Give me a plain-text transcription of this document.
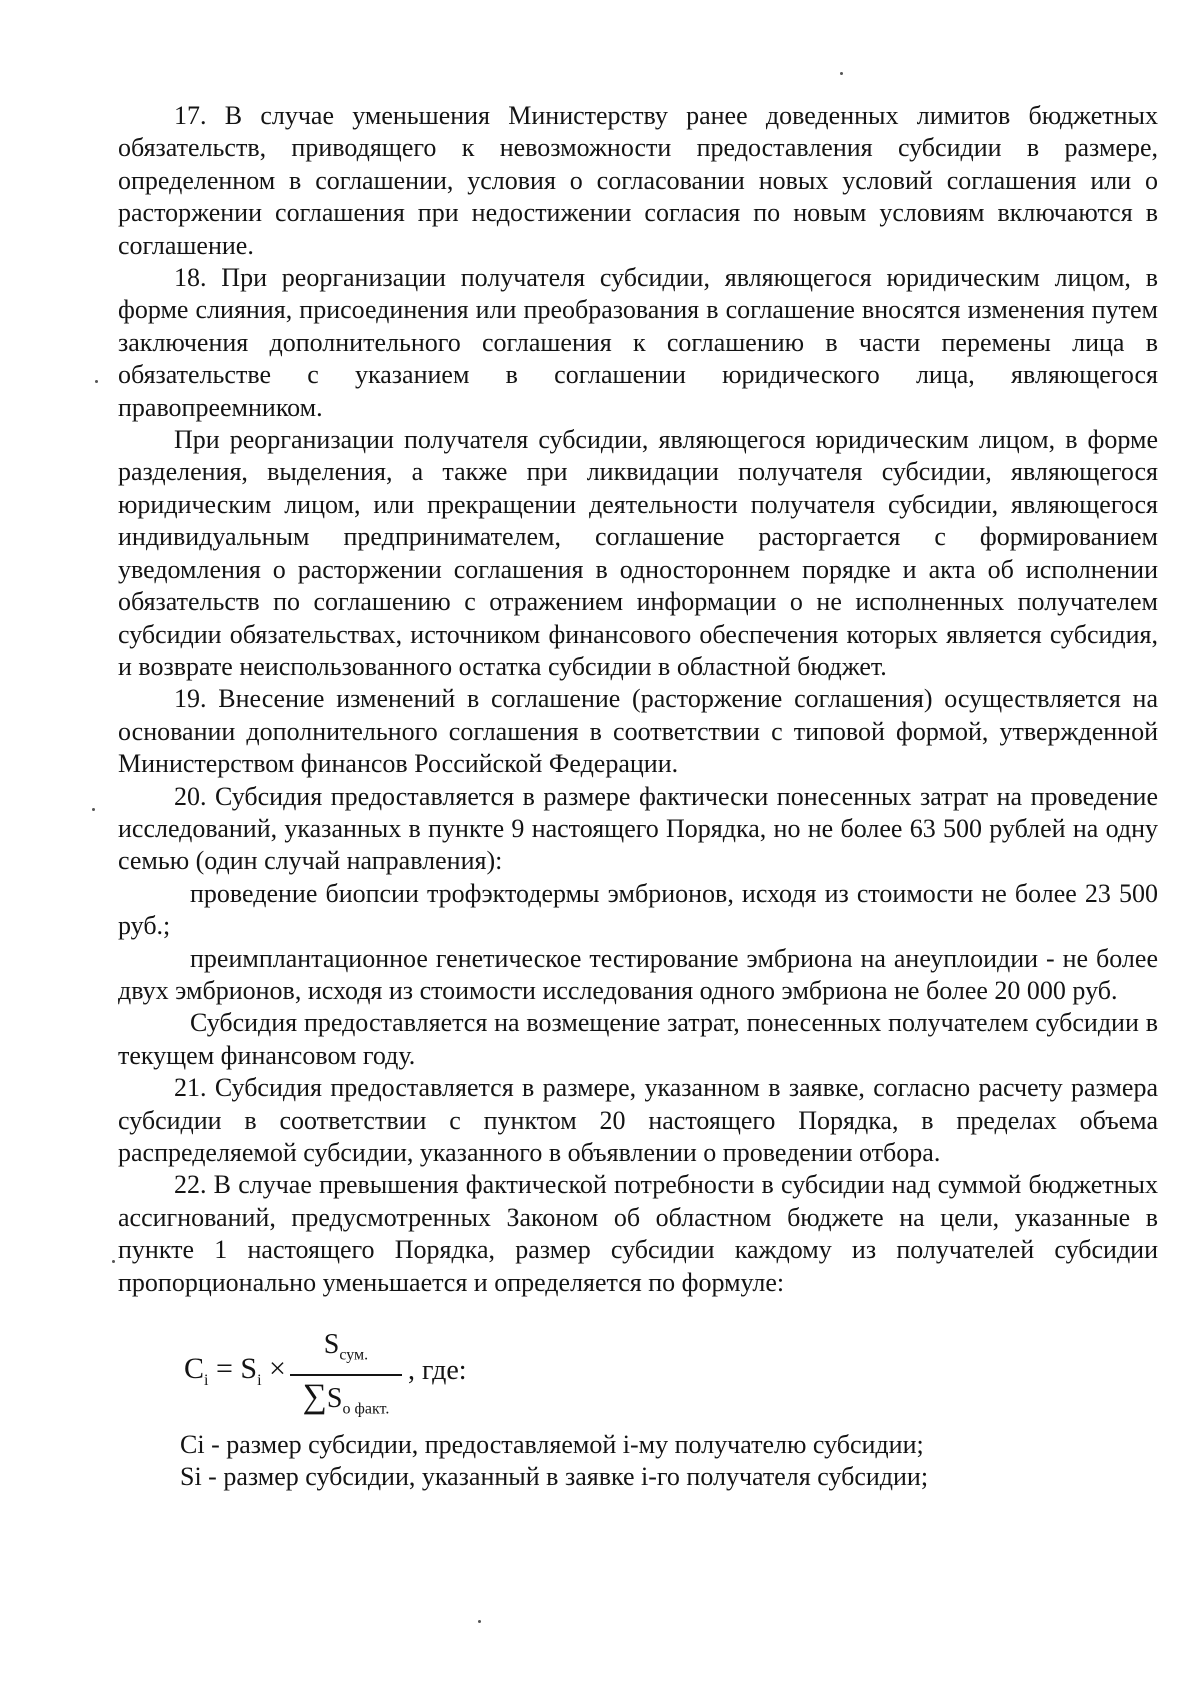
17. В случае уменьшения Министерству ранее доведенных лимитов бюджетных обязательств, приводящего к невозможности предоставления субсидии в размере, определенном в соглашении, условия о согласовании новых условий соглашения или о расторжении соглашения при недостижении согласия по новым условиям включаются в соглашение.

18. При реорганизации получателя субсидии, являющегося юридическим лицом, в форме слияния, присоединения или преобразования в соглашение вносятся изменения путем заключения дополнительного соглашения к соглашению в части перемены лица в обязательстве с указанием в соглашении юридического лица, являющегося правопреемником.

При реорганизации получателя субсидии, являющегося юридическим лицом, в форме разделения, выделения, а также при ликвидации получателя субсидии, являющегося юридическим лицом, или прекращении деятельности получателя субсидии, являющегося индивидуальным предпринимателем, соглашение расторгается с формированием уведомления о расторжении соглашения в одностороннем порядке и акта об исполнении обязательств по соглашению с отражением информации о не исполненных получателем субсидии обязательствах, источником финансового обеспечения которых является субсидия, и возврате неиспользованного остатка субсидии в областной бюджет.

19. Внесение изменений в соглашение (расторжение соглашения) осуществляется на основании дополнительного соглашения в соответствии с типовой формой, утвержденной Министерством финансов Российской Федерации.

20. Субсидия предоставляется в размере фактически понесенных затрат на проведение исследований, указанных в пункте 9 настоящего Порядка, но не более 63 500 рублей на одну семью (один случай направления):

проведение биопсии трофэктодермы эмбрионов, исходя из стоимости не более 23 500 руб.;

преимплантационное генетическое тестирование эмбриона на анеуплоидии - не более двух эмбрионов, исходя из стоимости исследования одного эмбриона не более 20 000 руб.

Субсидия предоставляется на возмещение затрат, понесенных получателем субсидии в текущем финансовом году.

21. Субсидия предоставляется в размере, указанном в заявке, согласно расчету размера субсидии в соответствии с пунктом 20 настоящего Порядка, в пределах объема распределяемой субсидии, указанного в объявлении о проведении отбора.

22. В случае превышения фактической потребности в субсидии над суммой бюджетных ассигнований, предусмотренных Законом об областном бюджете на цели, указанные в пункте 1 настоящего Порядка, размер субсидии каждому из получателей субсидии пропорционально уменьшается и определяется по формуле:

$C_i = S_i$ ×
$S_{сум.}$
$\sum S_{о факт.}$
, где:

Ci - размер субсидии, предоставляемой i-му получателю субсидии;

Si - размер субсидии, указанный в заявке i-го получателя субсидии;
